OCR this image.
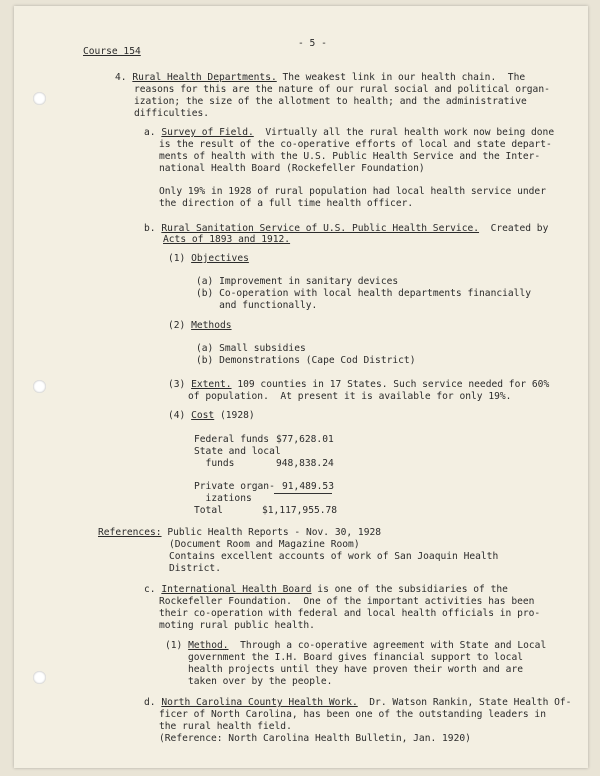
Course 154
- 5 -
4. Rural Health Departments. The weakest link in our health chain.  The
reasons for this are the nature of our rural social and political organ-
ization; the size of the allotment to health; and the administrative
difficulties.
a. Survey of Field.  Virtually all the rural health work now being done
is the result of the co-operative efforts of local and state depart-
ments of health with the U.S. Public Health Service and the Inter-
national Health Board (Rockefeller Foundation)
Only 19% in 1928 of rural population had local health service under
the direction of a full time health officer.
b. Rural Sanitation Service of U.S. Public Health Service.  Created by
Acts of 1893 and 1912.
(1) Objectives
(a) Improvement in sanitary devices
(b) Co-operation with local health departments financially
and functionally.
(2) Methods
(a) Small subsidies
(b) Demonstrations (Cape Cod District)
(3) Extent. 109 counties in 17 States. Such service needed for 60%
of population.  At present it is available for only 19%.
(4) Cost (1928)
Federal funds $77,628.01
State and local
funds	948,838.24
Private organ- 91,489.53
izations
Total	$1,117,955.78
References: Public Health Reports - Nov. 30, 1928
(Document Room and Magazine Room)
Contains excellent accounts of work of San Joaquin Health
District.
c. International Health Board is one of the subsidiaries of the
Rockefeller Foundation.  One of the important activities has been
their co-operation with federal and local health officials in pro-
moting rural public health.
(1) Method.  Through a co-operative agreement with State and Local
government the I.H. Board gives financial support to local
health projects until they have proven their worth and are
taken over by the people.
d. North Carolina County Health Work.  Dr. Watson Rankin, State Health Of-
ficer of North Carolina, has been one of the outstanding leaders in
the rural health field.
(Reference: North Carolina Health Bulletin, Jan. 1920)
